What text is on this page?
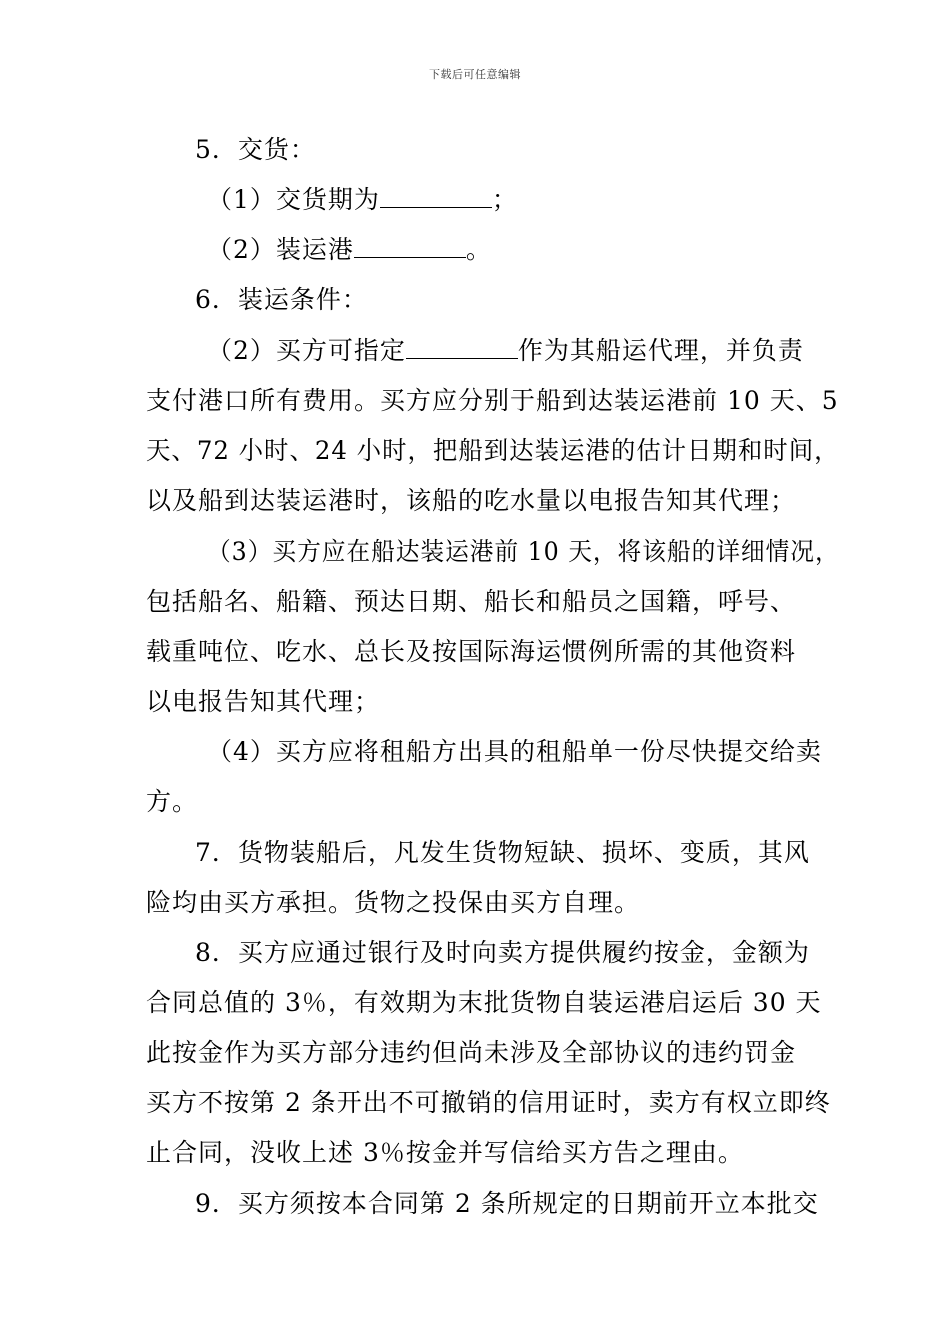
下载后可任意编辑
5．交货：
（1）交货期为	；
（2）装运港	。
6．装运条件：
（2）买方可指定	作为其船运代理，并负责
支付港口所有费用。买方应分别于船到达装运港前 10 天、5
天、72 小时、24 小时，把船到达装运港的估计日期和时间，
以及船到达装运港时，该船的吃水量以电报告知其代理；
（3）买方应在船达装运港前 10 天，将该船的详细情况，
包括船名、船籍、预达日期、船长和船员之国籍，呼号、
载重吨位、吃水、总长及按国际海运惯例所需的其他资料
以电报告知其代理；
（4）买方应将租船方出具的租船单一份尽快提交给卖
方。
7．货物装船后，凡发生货物短缺、损坏、变质，其风
险均由买方承担。货物之投保由买方自理。
8．买方应通过银行及时向卖方提供履约按金，金额为
合同总值的 3％，有效期为末批货物自装运港启运后 30 天
此按金作为买方部分违约但尚未涉及全部协议的违约罚金
买方不按第 2 条开出不可撤销的信用证时，卖方有权立即终
止合同，没收上述 3％按金并写信给买方告之理由。
9．买方须按本合同第 2 条所规定的日期前开立本批交
